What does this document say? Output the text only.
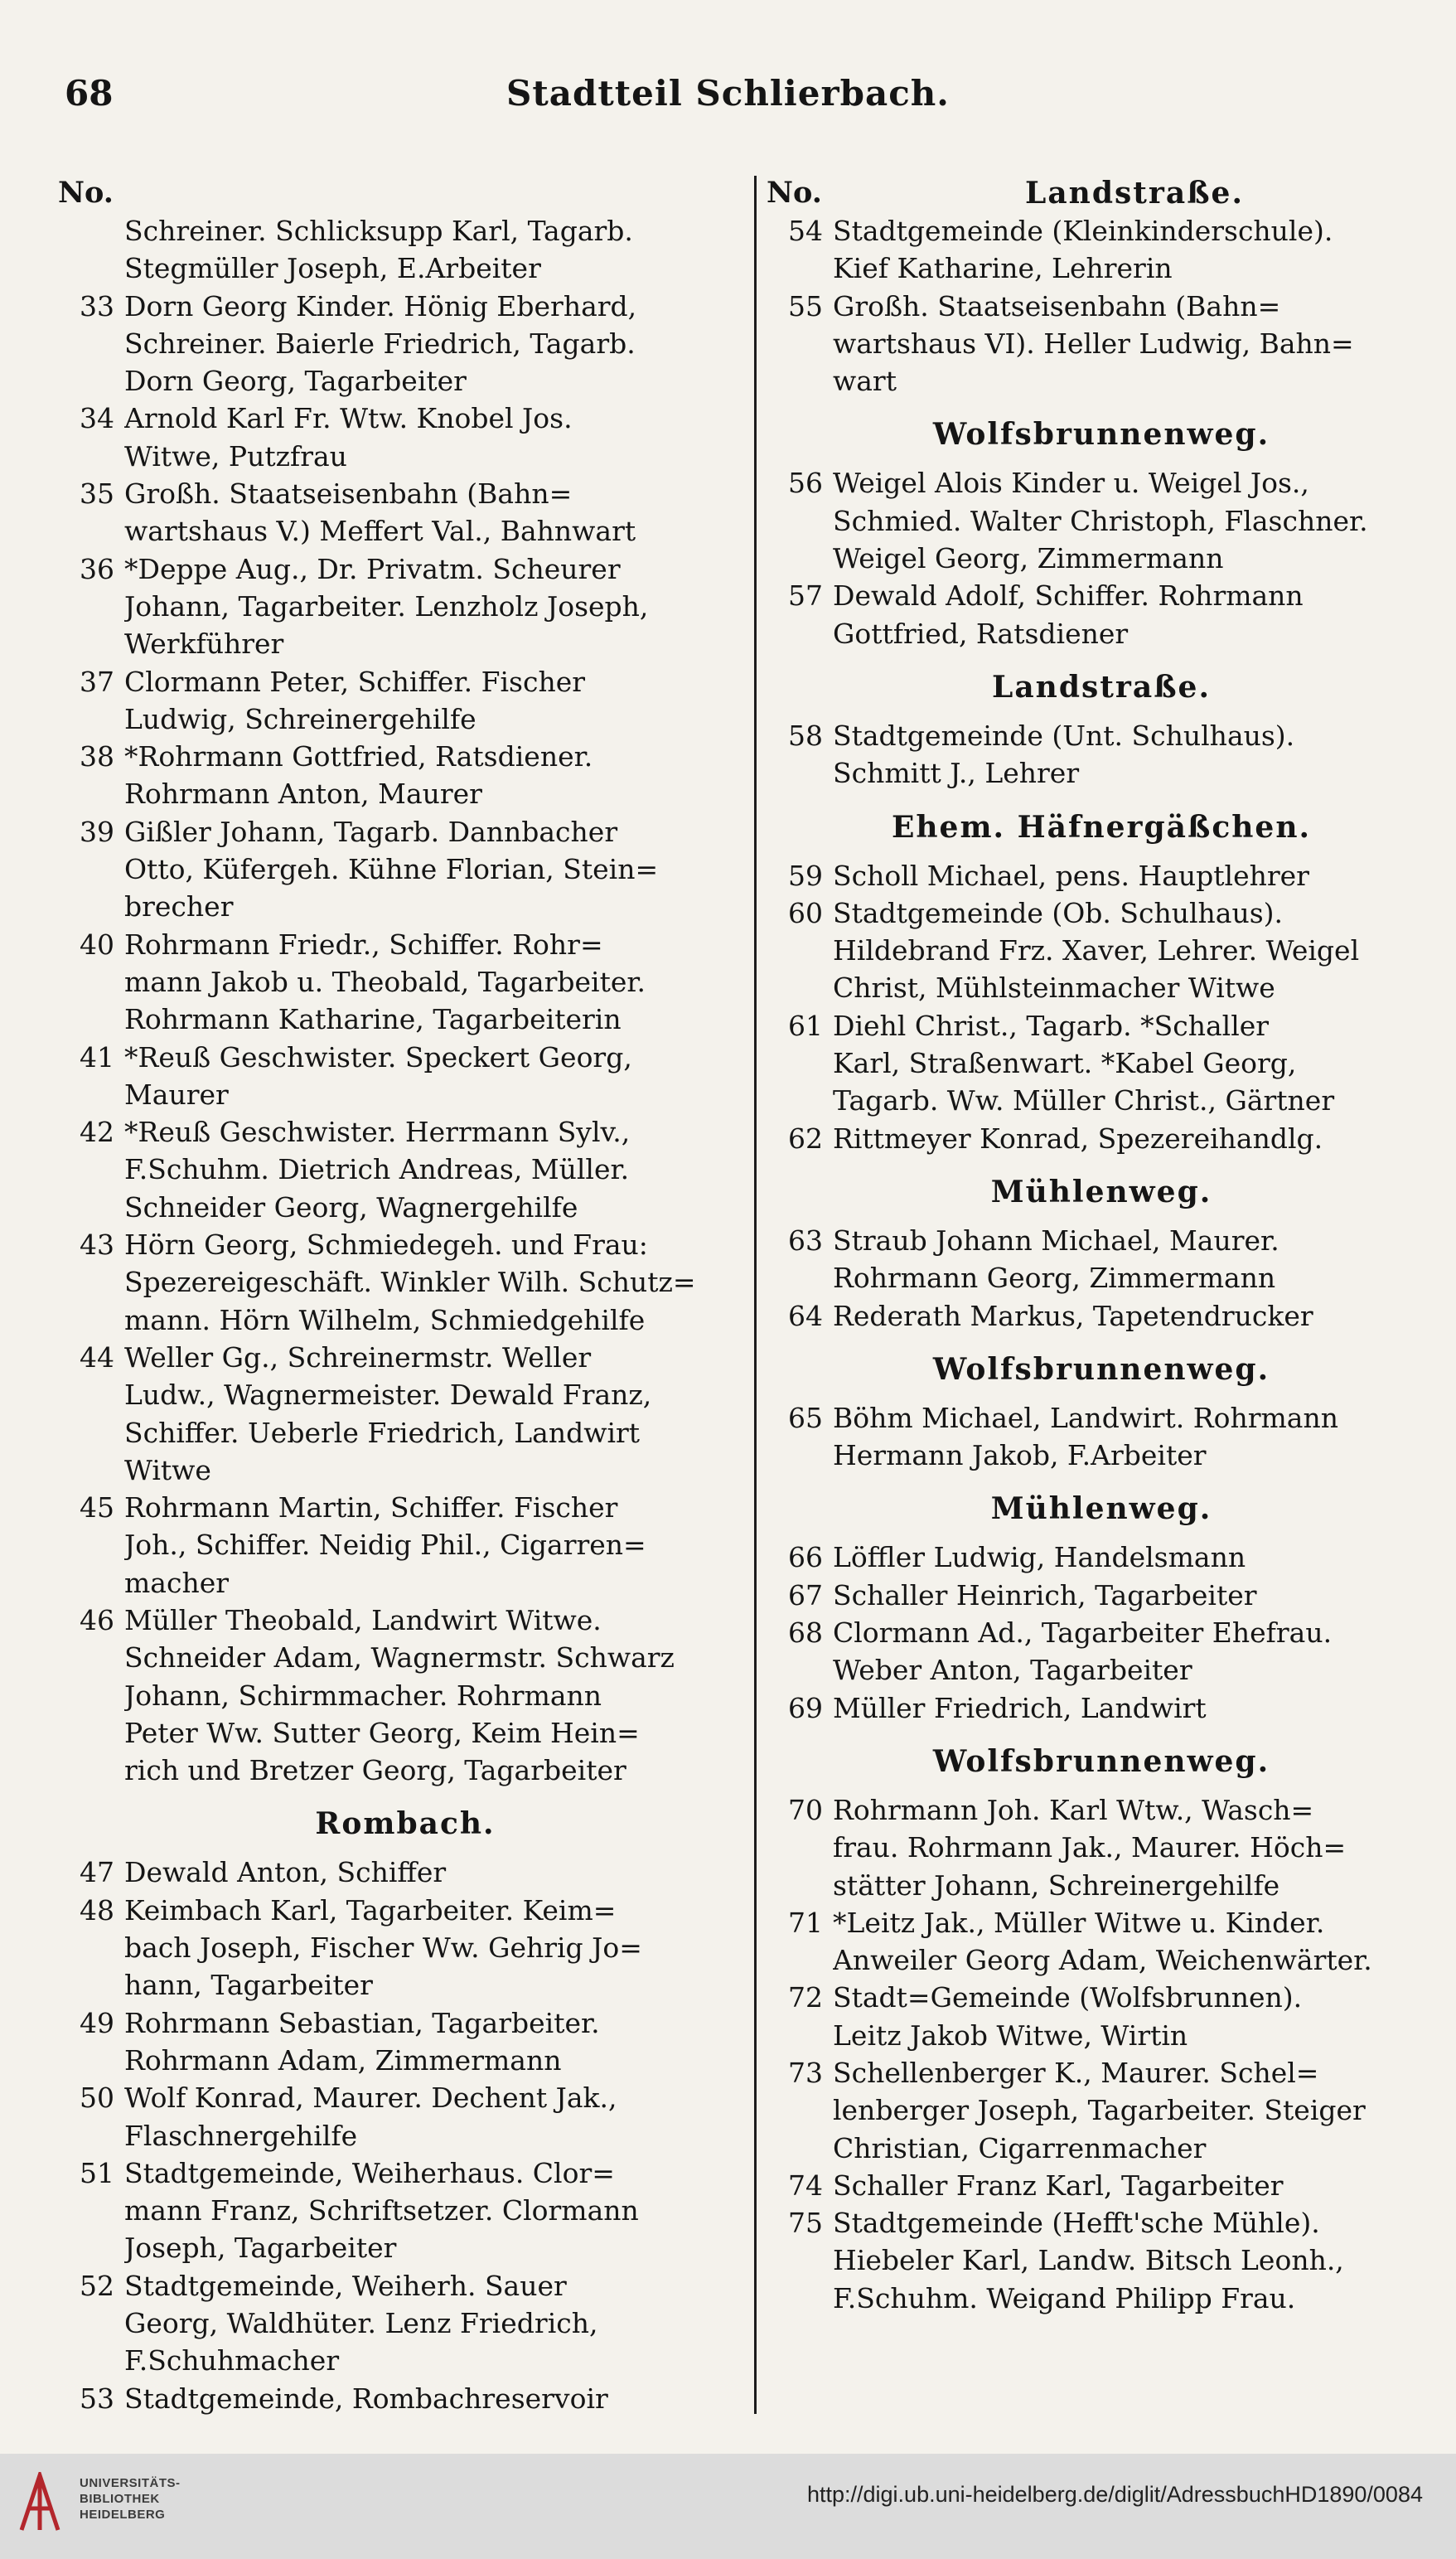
68	Stadtteil Schlierbach.
No.
Schreiner. Schlicksupp Karl, Tagarb.
Stegmüller Joseph, E.Arbeiter
33 Dorn Georg Kinder. Hönig Eberhard,
Schreiner. Baierle Friedrich, Tagarb.
Dorn Georg, Tagarbeiter
34 Arnold Karl Fr. Wtw. Knobel Jos.
Witwe, Putzfrau
35 Großh. Staatseisenbahn (Bahn=
wartshaus V.) Meffert Val., Bahnwart
36 *Deppe Aug., Dr. Privatm. Scheurer
Johann, Tagarbeiter. Lenzholz Joseph,
Werkführer
37 Clormann Peter, Schiffer. Fischer
Ludwig, Schreinergehilfe
38 *Rohrmann Gottfried, Ratsdiener.
Rohrmann Anton, Maurer
39 Gißler Johann, Tagarb. Dannbacher
Otto, Küfergeh. Kühne Florian, Stein=
brecher
40 Rohrmann Friedr., Schiffer. Rohr=
mann Jakob u. Theobald, Tagarbeiter.
Rohrmann Katharine, Tagarbeiterin
41 *Reuß Geschwister. Speckert Georg,
Maurer
42 *Reuß Geschwister. Herrmann Sylv.,
F.Schuhm. Dietrich Andreas, Müller.
Schneider Georg, Wagnergehilfe
43 Hörn Georg, Schmiedegeh. und Frau:
Spezereigeschäft. Winkler Wilh. Schutz=
mann. Hörn Wilhelm, Schmiedgehilfe
44 Weller Gg., Schreinermstr. Weller
Ludw., Wagnermeister. Dewald Franz,
Schiffer. Ueberle Friedrich, Landwirt
Witwe
45 Rohrmann Martin, Schiffer. Fischer
Joh., Schiffer. Neidig Phil., Cigarren=
macher
46 Müller Theobald, Landwirt Witwe.
Schneider Adam, Wagnermstr. Schwarz
Johann, Schirmmacher. Rohrmann
Peter Ww. Sutter Georg, Keim Hein=
rich und Bretzer Georg, Tagarbeiter
Rombach.
47 Dewald Anton, Schiffer
48 Keimbach Karl, Tagarbeiter. Keim=
bach Joseph, Fischer Ww. Gehrig Jo=
hann, Tagarbeiter
49 Rohrmann Sebastian, Tagarbeiter.
Rohrmann Adam, Zimmermann
50 Wolf Konrad, Maurer. Dechent Jak.,
Flaschnergehilfe
51 Stadtgemeinde, Weiherhaus. Clor=
mann Franz, Schriftsetzer. Clormann
Joseph, Tagarbeiter
52 Stadtgemeinde, Weiherh. Sauer
Georg, Waldhüter. Lenz Friedrich,
F.Schuhmacher
53 Stadtgemeinde, Rombachreservoir
No.	Landstraße.
54 Stadtgemeinde (Kleinkinderschule).
Kief Katharine, Lehrerin
55 Großh. Staatseisenbahn (Bahn=
wartshaus VI). Heller Ludwig, Bahn=
wart
Wolfsbrunnenweg.
56 Weigel Alois Kinder u. Weigel Jos.,
Schmied. Walter Christoph, Flaschner.
Weigel Georg, Zimmermann
57 Dewald Adolf, Schiffer. Rohrmann
Gottfried, Ratsdiener
Landstraße.
58 Stadtgemeinde (Unt. Schulhaus).
Schmitt J., Lehrer
Ehem. Häfnergäßchen.
59 Scholl Michael, pens. Hauptlehrer
60 Stadtgemeinde (Ob. Schulhaus).
Hildebrand Frz. Xaver, Lehrer. Weigel
Christ, Mühlsteinmacher Witwe
61 Diehl Christ., Tagarb. *Schaller
Karl, Straßenwart. *Kabel Georg,
Tagarb. Ww. Müller Christ., Gärtner
62 Rittmeyer Konrad, Spezereihandlg.
Mühlenweg.
63 Straub Johann Michael, Maurer.
Rohrmann Georg, Zimmermann
64 Rederath Markus, Tapetendrucker
Wolfsbrunnenweg.
65 Böhm Michael, Landwirt. Rohrmann
Hermann Jakob, F.Arbeiter
Mühlenweg.
66 Löffler Ludwig, Handelsmann
67 Schaller Heinrich, Tagarbeiter
68 Clormann Ad., Tagarbeiter Ehefrau.
Weber Anton, Tagarbeiter
69 Müller Friedrich, Landwirt
Wolfsbrunnenweg.
70 Rohrmann Joh. Karl Wtw., Wasch=
frau. Rohrmann Jak., Maurer. Höch=
stätter Johann, Schreinergehilfe
71 *Leitz Jak., Müller Witwe u. Kinder.
Anweiler Georg Adam, Weichenwärter.
72 Stadt=Gemeinde (Wolfsbrunnen).
Leitz Jakob Witwe, Wirtin
73 Schellenberger K., Maurer. Schel=
lenberger Joseph, Tagarbeiter. Steiger
Christian, Cigarrenmacher
74 Schaller Franz Karl, Tagarbeiter
75 Stadtgemeinde (Hefft'sche Mühle).
Hiebeler Karl, Landw. Bitsch Leonh.,
F.Schuhm. Weigand Philipp Frau.
UNIVERSITÄTS-
BIBLIOTHEK
HEIDELBERG
http://digi.ub.uni-heidelberg.de/diglit/AdressbuchHD1890/0084
